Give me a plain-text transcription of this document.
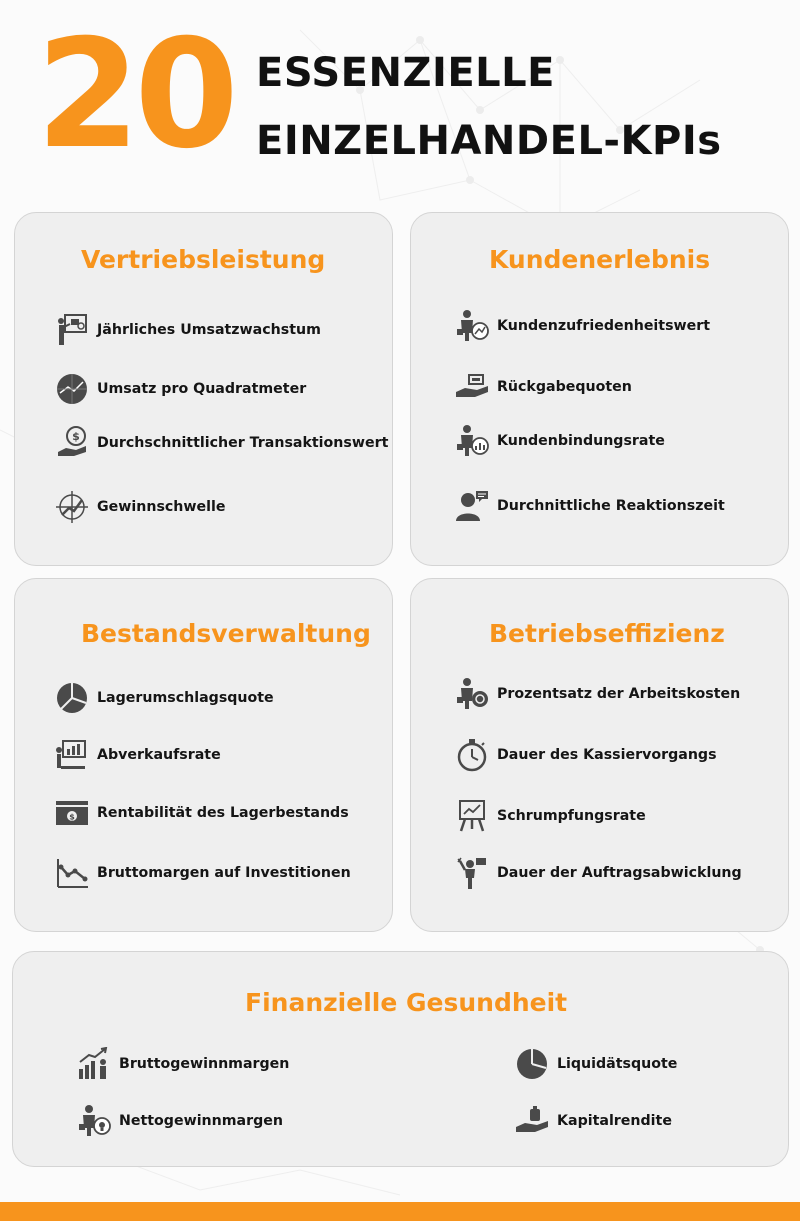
20 ESSENZIELLE
EINZELHANDEL-KPIs
Vertriebsleistung
Jährliches Umsatzwachstum
Umsatz pro Quadratmeter
$ Durchschnittlicher Transaktionswert
Gewinnschwelle
Kundenerlebnis
Kundenzufriedenheitswert
Rückgabequoten
Kundenbindungsrate
Durchnittliche Reaktionszeit
Bestandsverwaltung
Lagerumschlagsquote
Abverkaufsrate
$ Rentabilität des Lagerbestands
Bruttomargen auf Investitionen
Betriebseffizienz
Prozentsatz der Arbeitskosten
Dauer des Kassiervorgangs
Schrumpfungsrate
Dauer der Auftragsabwicklung
Finanzielle Gesundheit
Bruttogewinnmargen
Nettogewinnmargen
Liquidätsquote
Kapitalrendite
